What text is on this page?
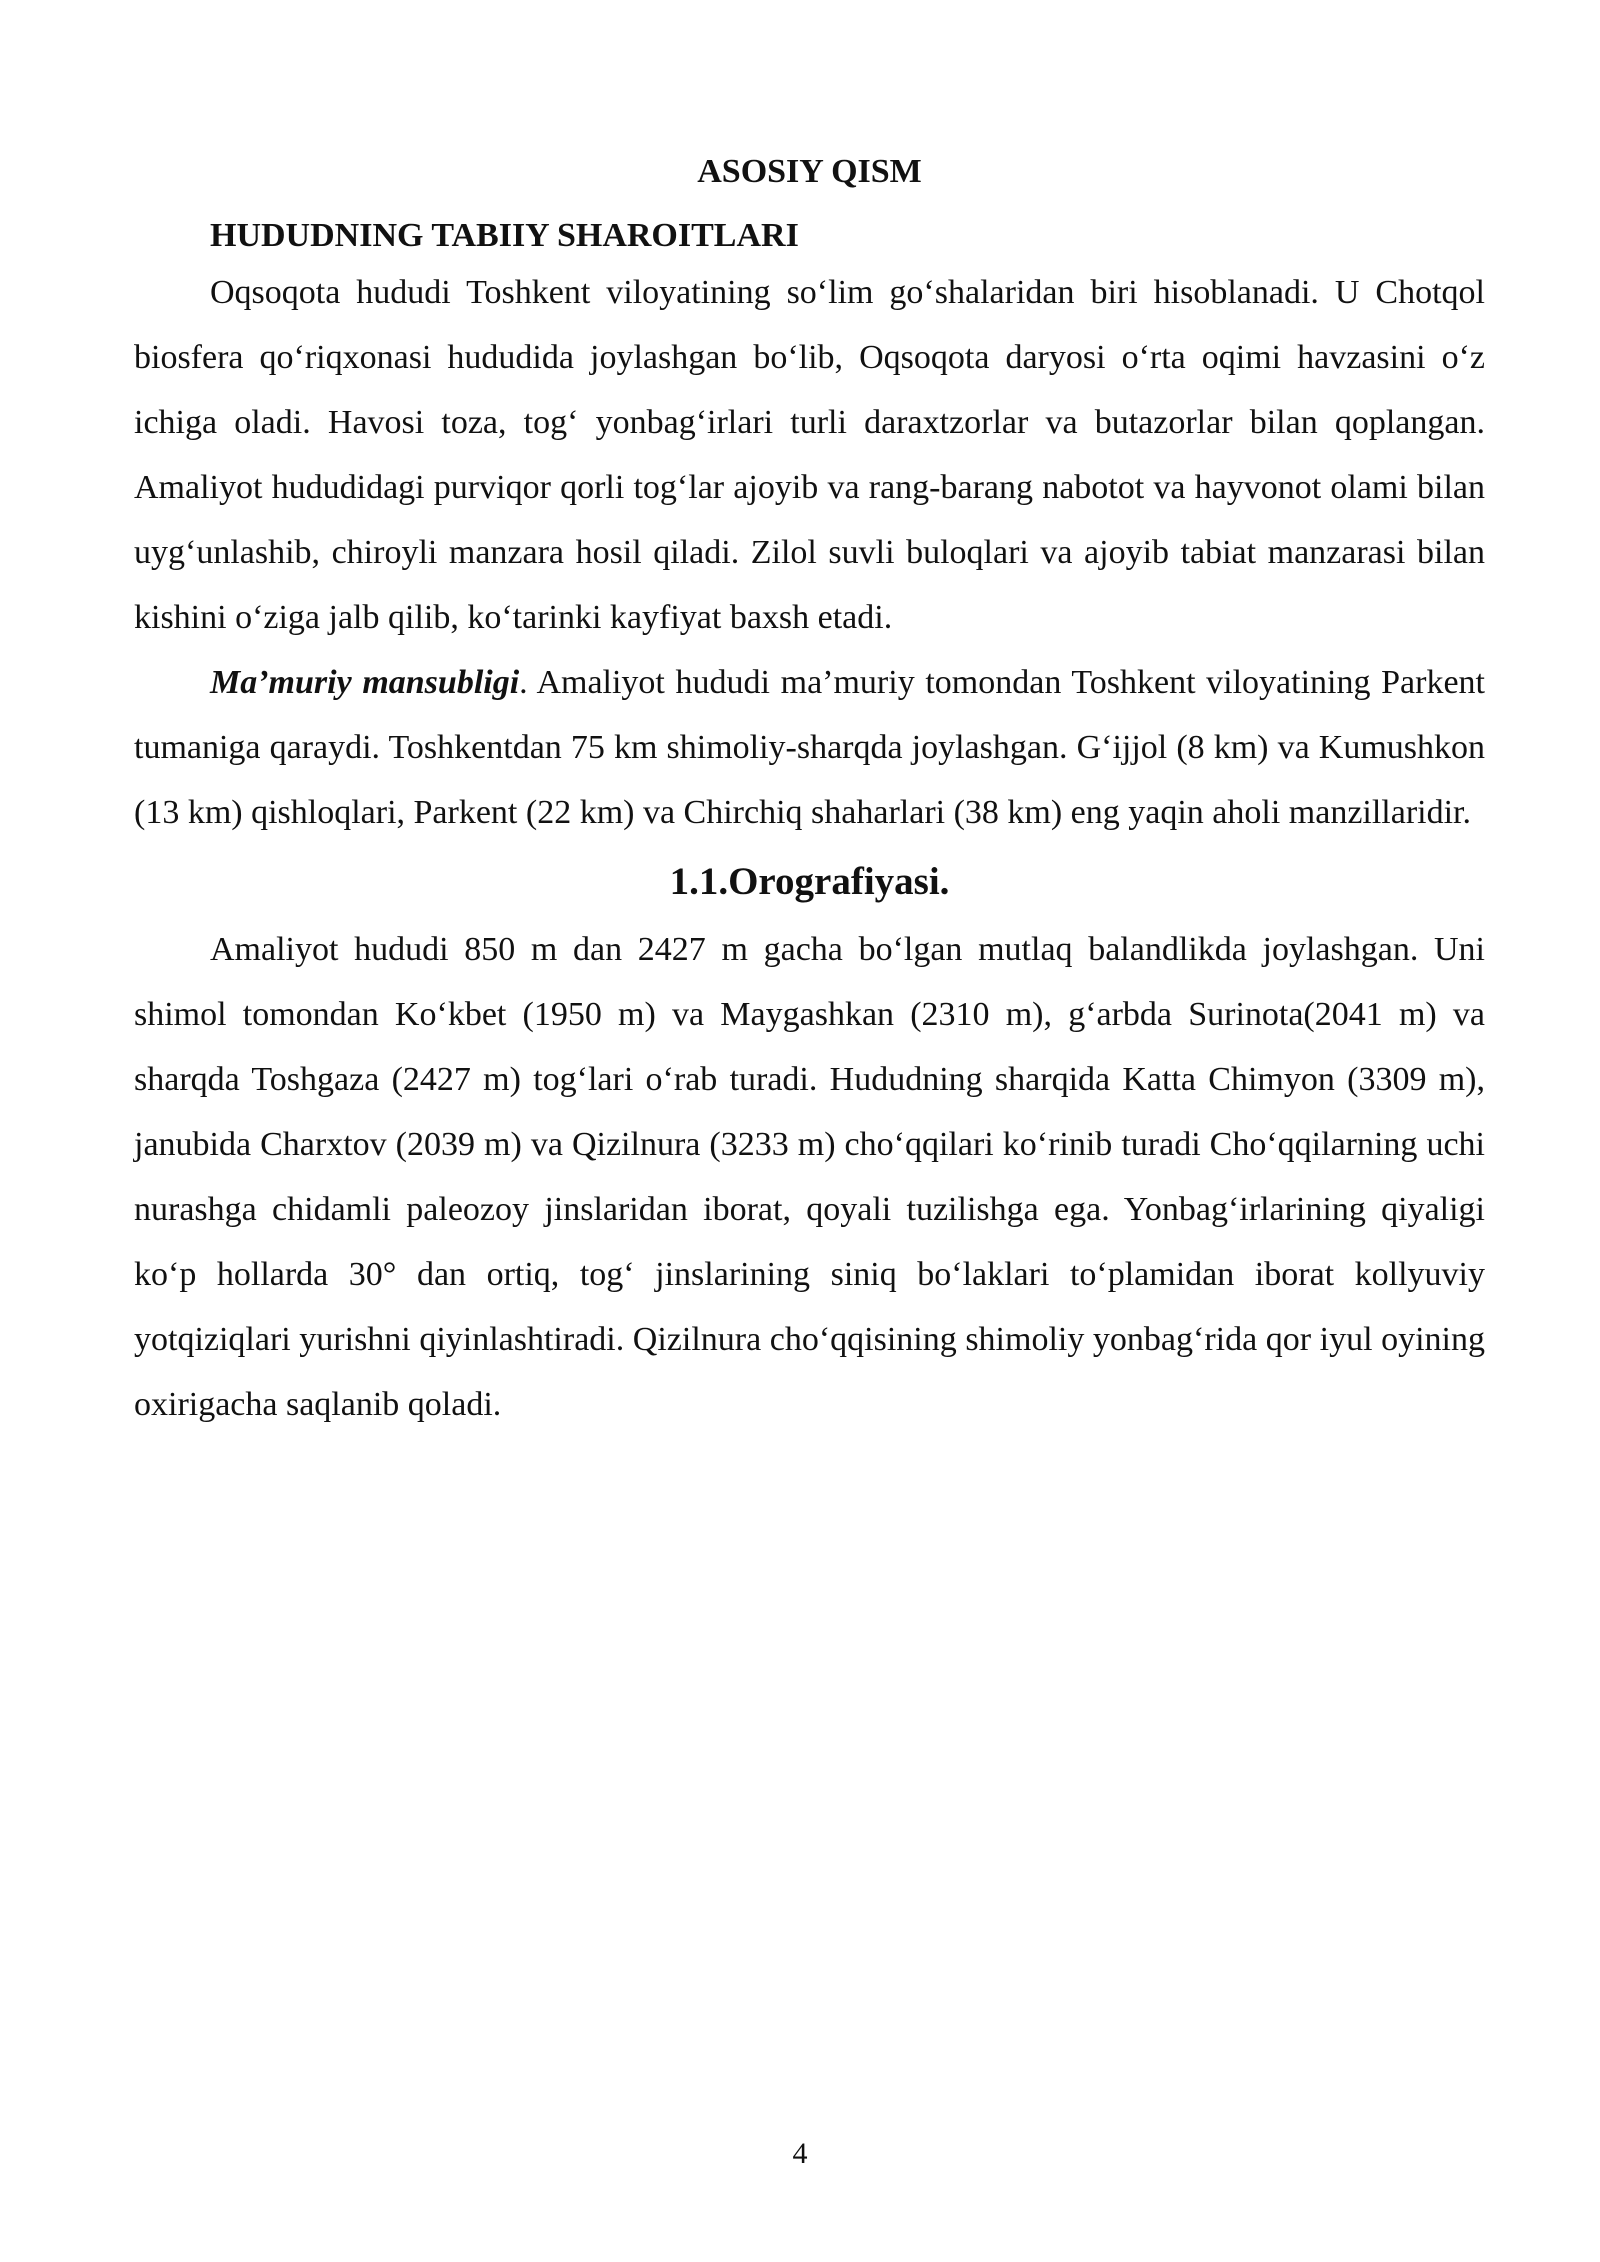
ASOSIY QISM
HUDUDNING TABIIY SHAROITLARI

Oqsoqota hududi Toshkent viloyatining so‘lim go‘shalaridan biri hisoblanadi. U Chotqol biosfera qo‘riqxonasi hududida joylashgan bo‘lib, Oqsoqota daryosi o‘rta oqimi havzasini o‘z ichiga oladi. Havosi toza, tog‘ yonbag‘irlari turli daraxtzorlar va butazorlar bilan qoplangan. Amaliyot hududidagi purviqor qorli tog‘lar ajoyib va rang-barang nabotot va hayvonot olami bilan uyg‘unlashib, chiroyli manzara hosil qiladi. Zilol suvli buloqlari va ajoyib tabiat manzarasi bilan kishini o‘ziga jalb qilib, ko‘tarinki kayfiyat baxsh etadi.

Ma’muriy mansubligi. Amaliyot hududi ma’muriy tomondan Toshkent viloyatining Parkent tumaniga qaraydi. Toshkentdan 75 km shimoliy-sharqda joylashgan. G‘ijjol (8 km) va Kumushkon (13 km) qishloqlari, Parkent (22 km) va Chirchiq shaharlari (38 km) eng yaqin aholi manzillaridir.

1.1.Orografiyasi.

Amaliyot hududi 850 m dan 2427 m gacha bo‘lgan mutlaq balandlikda joylashgan. Uni shimol tomondan Ko‘kbet (1950 m) va Maygashkan (2310 m), g‘arbda Surinota(2041 m) va sharqda Toshgaza (2427 m) tog‘lari o‘rab turadi. Hududning sharqida Katta Chimyon (3309 m), janubida Charxtov (2039 m) va Qizilnura (3233 m) cho‘qqilari ko‘rinib turadi Cho‘qqilarning uchi nurashga chidamli paleozoy jinslaridan iborat, qoyali tuzilishga ega. Yonbag‘irlarining qiyaligi ko‘p hollarda 30° dan ortiq, tog‘ jinslarining siniq bo‘laklari to‘plamidan iborat kollyuviy yotqiziqlari yurishni qiyinlashtiradi. Qizilnura cho‘qqisining shimoliy yonbag‘rida qor iyul oyining oxirigacha saqlanib qoladi.

4
